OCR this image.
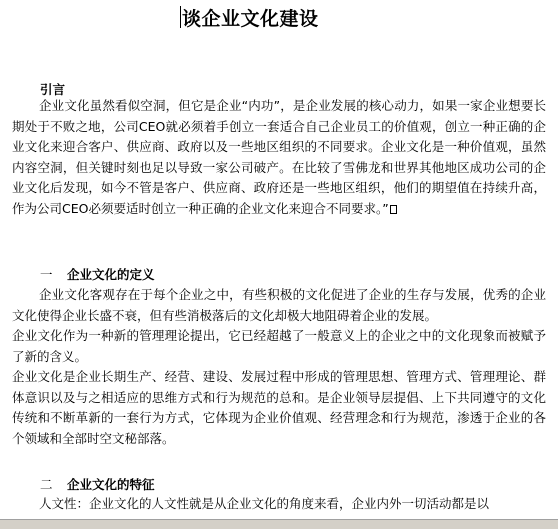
谈企业文化建设
引言

企业文化虽然看似空洞，但它是企业“内功”，是企业发展的核心动力，如果一家企业想要长期处于不败之地，公司CEO就必须着手创立一套适合自己企业员工的价值观，创立一种正确的企业文化来迎合客户、供应商、政府以及一些地区组织的不同要求。企业文化是一种价值观，虽然内容空洞，但关键时刻也足以导致一家公司破产。在比较了雪佛龙和世界其他地区成功公司的企业文化后发现，如今不管是客户、供应商、政府还是一些地区组织，他们的期望值在持续升高，作为公司CEO必须要适时创立一种正确的企业文化来迎合不同要求。”

一 企业文化的定义

企业文化客观存在于每个企业之中，有些积极的文化促进了企业的生存与发展，优秀的企业文化使得企业长盛不衰，但有些消极落后的文化却极大地阻碍着企业的发展。

企业文化作为一种新的管理理论提出，它已经超越了一般意义上的企业之中的文化现象而被赋予了新的含义。

企业文化是企业长期生产、经营、建设、发展过程中形成的管理思想、管理方式、管理理论、群体意识以及与之相适应的思维方式和行为规范的总和。是企业领导层提倡、上下共同遵守的文化传统和不断革新的一套行为方式，它体现为企业价值观、经营理念和行为规范，渗透于企业的各个领域和全部时空文秘部落。

二 企业文化的特征

人文性：企业文化的人文性就是从企业文化的角度来看，企业内外一切活动都是以
